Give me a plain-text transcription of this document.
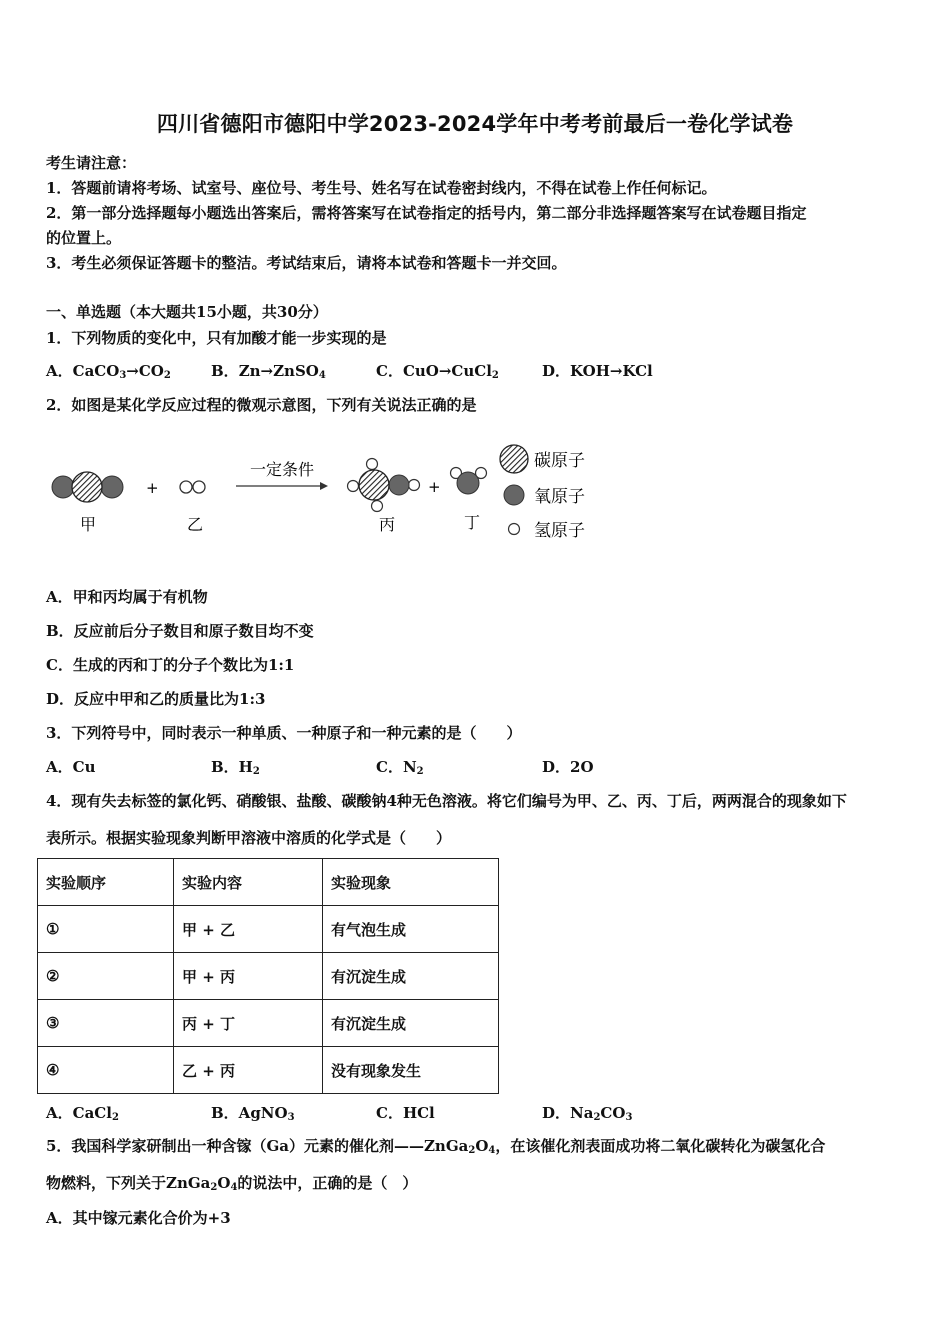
四川省德阳市德阳中学2023-2024学年中考考前最后一卷化学试卷
考生请注意：
1．答题前请将考场、试室号、座位号、考生号、姓名写在试卷密封线内，不得在试卷上作任何标记。
2．第一部分选择题每小题选出答案后，需将答案写在试卷指定的括号内，第二部分非选择题答案写在试卷题目指定
的位置上。
3．考生必须保证答题卡的整洁。考试结束后，请将本试卷和答题卡一并交回。
一、单选题（本大题共15小题，共30分）
1．下列物质的变化中，只有加酸才能一步实现的是
A．$CaCO_3\to CO_2$	B．Zn→ZnSO$_4$	C．CuO→CuCl$_2$	D．KOH→KCl
2．如图是某化学反应过程的微观示意图，下列有关说法正确的是
+
一定条件
+
甲	乙	丙	丁
碳原子
氧原子
氢原子
A．甲和丙均属于有机物
B．反应前后分子数目和原子数目均不变
C．生成的丙和丁的分子个数比为1:1
D．反应中甲和乙的质量比为1:3
3．下列符号中，同时表示一种单质、一种原子和一种元素的是（　　）
A．Cu	B．$H_2$	C．$N_2$	D．2O
4．现有失去标签的氯化钙、硝酸银、盐酸、碳酸钠4种无色溶液。将它们编号为甲、乙、丙、丁后，两两混合的现象如下
表所示。根据实验现象判断甲溶液中溶质的化学式是（　　）
实验顺序	实验内容	实验现象
①	甲 + 乙	有气泡生成
②	甲 + 丙	有沉淀生成
③	丙 + 丁	有沉淀生成
④	乙 + 丙	没有现象发生
A．CaCl$_2$	B．AgNO$_3$	C．HCl	D．$Na_2CO_3$
5．我国科学家研制出一种含镓（Ga）元素的催化剂$——ZnGa_2O_4$，在该催化剂表面成功将二氧化碳转化为碳氢化合
物燃料，下列关于$ZnGa_2O_4$的说法中，正确的是（　）
A．其中镓元素化合价为+3
